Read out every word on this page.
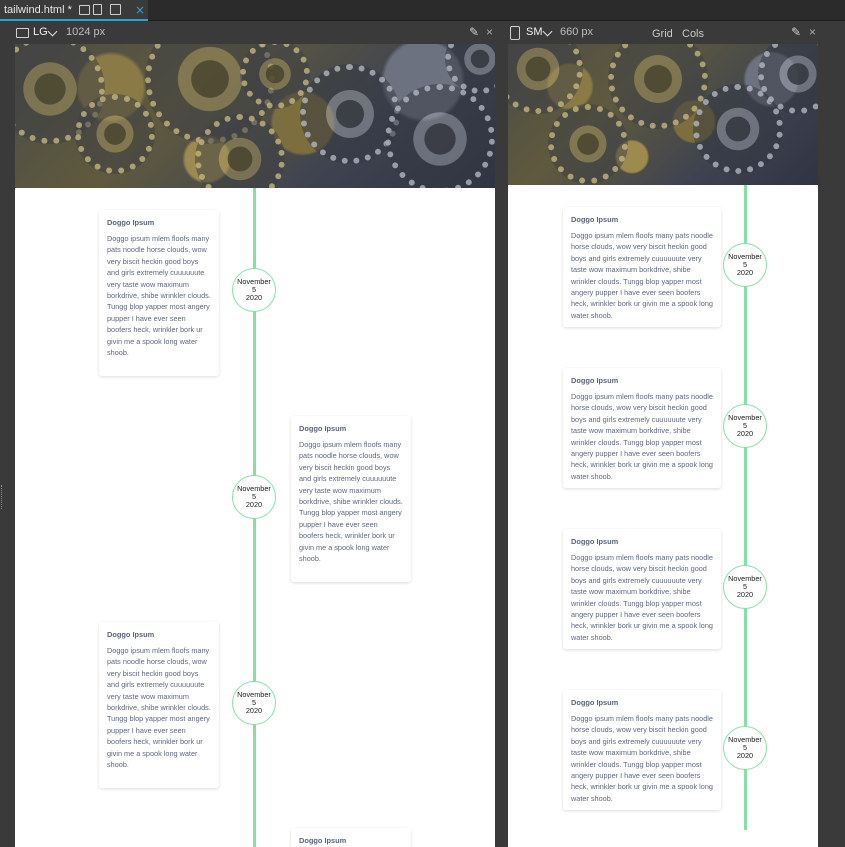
tailwind.html *	×
LG 1024 px	✎ ×
Doggo Ipsum
Doggo ipsum mlem floofs many pats noodle horse clouds, wow very biscit heckin good boys and girls extremely cuuuuuute very taste wow maximum borkdrive, shibe wrinkler clouds. Tungg blop yapper most angery pupper I have ever seen boofers heck, wrinkler bork ur givin me a spook long water shoob.
November
5
2020
Doggo Ipsum
Doggo ipsum mlem floofs many pats noodle horse clouds, wow very biscit heckin good boys and girls extremely cuuuuuute very taste wow maximum borkdrive, shibe wrinkler clouds. Tungg blop yapper most angery pupper I have ever seen boofers heck, wrinkler bork ur givin me a spook long water shoob.
November
5
2020
Doggo Ipsum
Doggo ipsum mlem floofs many pats noodle horse clouds, wow very biscit heckin good boys and girls extremely cuuuuuute very taste wow maximum borkdrive, shibe wrinkler clouds. Tungg blop yapper most angery pupper I have ever seen boofers heck, wrinkler bork ur givin me a spook long water shoob.
November
5
2020
Doggo Ipsum
SM 660 px	Grid Cols	✎ ×
Doggo Ipsum
Doggo ipsum mlem floofs many pats noodle horse clouds, wow very biscit heckin good boys and girls extremely cuuuuuute very taste wow maximum borkdrive, shibe wrinkler clouds. Tungg blop yapper most angery pupper I have ever seen boofers heck, wrinkler bork ur givin me a spook long water shoob.
November
5
2020
Doggo Ipsum
Doggo ipsum mlem floofs many pats noodle horse clouds, wow very biscit heckin good boys and girls extremely cuuuuuute very taste wow maximum borkdrive, shibe wrinkler clouds. Tungg blop yapper most angery pupper I have ever seen boofers heck, wrinkler bork ur givin me a spook long water shoob.
November
5
2020
Doggo Ipsum
Doggo ipsum mlem floofs many pats noodle horse clouds, wow very biscit heckin good boys and girls extremely cuuuuuute very taste wow maximum borkdrive, shibe wrinkler clouds. Tungg blop yapper most angery pupper I have ever seen boofers heck, wrinkler bork ur givin me a spook long water shoob.
November
5
2020
Doggo Ipsum
Doggo ipsum mlem floofs many pats noodle horse clouds, wow very biscit heckin good boys and girls extremely cuuuuuute very taste wow maximum borkdrive, shibe wrinkler clouds. Tungg blop yapper most angery pupper I have ever seen boofers heck, wrinkler bork ur givin me a spook long water shoob.
November
5
2020
